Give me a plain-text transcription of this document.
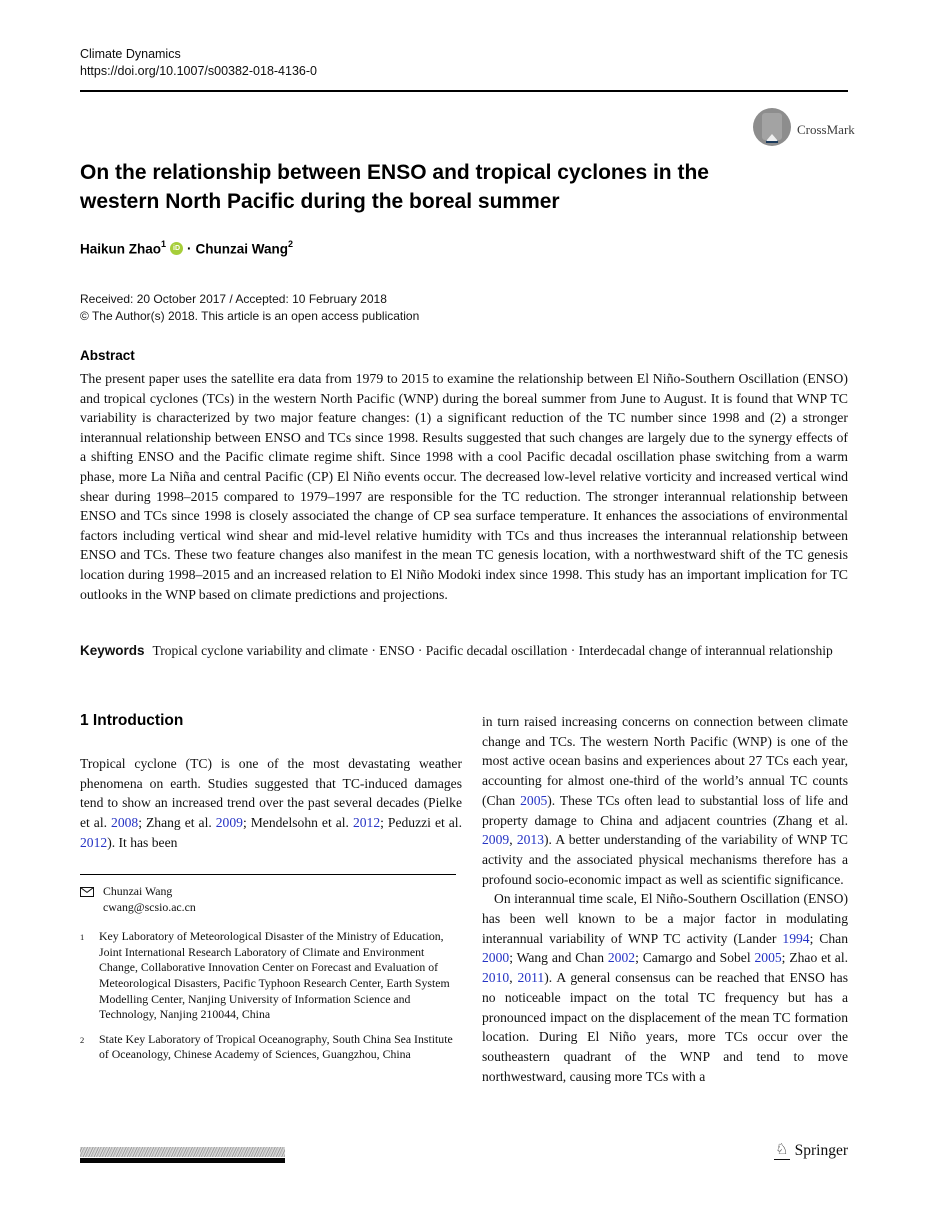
Climate Dynamics
https://doi.org/10.1007/s00382-018-4136-0
CrossMark
On the relationship between ENSO and tropical cyclones in the western North Pacific during the boreal summer
Haikun Zhao$^1$	iD · Chunzai Wang$^2$
Received: 20 October 2017 / Accepted: 10 February 2018
© The Author(s) 2018. This article is an open access publication
Abstract
The present paper uses the satellite era data from 1979 to 2015 to examine the relationship between El Niño-Southern Oscillation (ENSO) and tropical cyclones (TCs) in the western North Pacific (WNP) during the boreal summer from June to August. It is found that WNP TC variability is characterized by two major feature changes: (1) a significant reduction of the TC number since 1998 and (2) a stronger interannual relationship between ENSO and TCs since 1998. Results suggested that such changes are largely due to the synergy effects of a shifting ENSO and the Pacific climate regime shift. Since 1998 with a cool Pacific decadal oscillation phase switching from a warm phase, more La Niña and central Pacific (CP) El Niño events occur. The decreased low-level relative vorticity and increased vertical wind shear during 1998–2015 compared to 1979–1997 are responsible for the TC reduction. The stronger interannual relationship between ENSO and TCs since 1998 is closely associated the change of CP sea surface temperature. It enhances the associations of environmental factors including vertical wind shear and mid-level relative humidity with TCs and thus increases the interannual relationship between ENSO and TCs. These two feature changes also manifest in the mean TC genesis location, with a northwestward shift of the TC genesis location during 1998–2015 and an increased relation to El Niño Modoki index since 1998. This study has an important implication for TC outlooks in the WNP based on climate predictions and projections.
Keywords Tropical cyclone variability and climate · ENSO · Pacific decadal oscillation · Interdecadal change of interannual relationship
1 Introduction

Tropical cyclone (TC) is one of the most devastating weather phenomena on earth. Studies suggested that TC-induced damages tend to show an increased trend over the past several decades (Pielke et al. 2008; Zhang et al. 2009; Mendelsohn et al. 2012; Peduzzi et al. 2012). It has been

in turn raised increasing concerns on connection between climate change and TCs. The western North Pacific (WNP) is one of the most active ocean basins and experiences about 27 TCs each year, accounting for almost one-third of the world’s annual TC counts (Chan 2005). These TCs often lead to substantial loss of life and property damage to China and adjacent countries (Zhang et al. 2009, 2013). A better understanding of the variability of WNP TC activity and the associated physical mechanisms therefore has a profound socio-economic impact as well as scientific significance.

On interannual time scale, El Niño-Southern Oscillation (ENSO) has been well known to be a major factor in modulating interannual variability of WNP TC activity (Lander 1994; Chan 2000; Wang and Chan 2002; Camargo and Sobel 2005; Zhao et al. 2010, 2011). A general consensus can be reached that ENSO has no noticeable impact on the total TC frequency but has a pronounced impact on the displacement of the mean TC formation location. During El Niño years, more TCs occur over the southeastern quadrant of the WNP and tend to move northwestward, causing more TCs with a

Chunzai Wang
cwang@scsio.ac.cn
1	Key Laboratory of Meteorological Disaster of the Ministry of Education, Joint International Research Laboratory of Climate and Environment Change, Collaborative Innovation Center on Forecast and Evaluation of Meteorological Disasters, Pacific Typhoon Research Center, Earth System Modelling Center, Nanjing University of Information Science and Technology, Nanjing 210044, China
2	State Key Laboratory of Tropical Oceanography, South China Sea Institute of Oceanology, Chinese Academy of Sciences, Guangzhou, China
♘ Springer
